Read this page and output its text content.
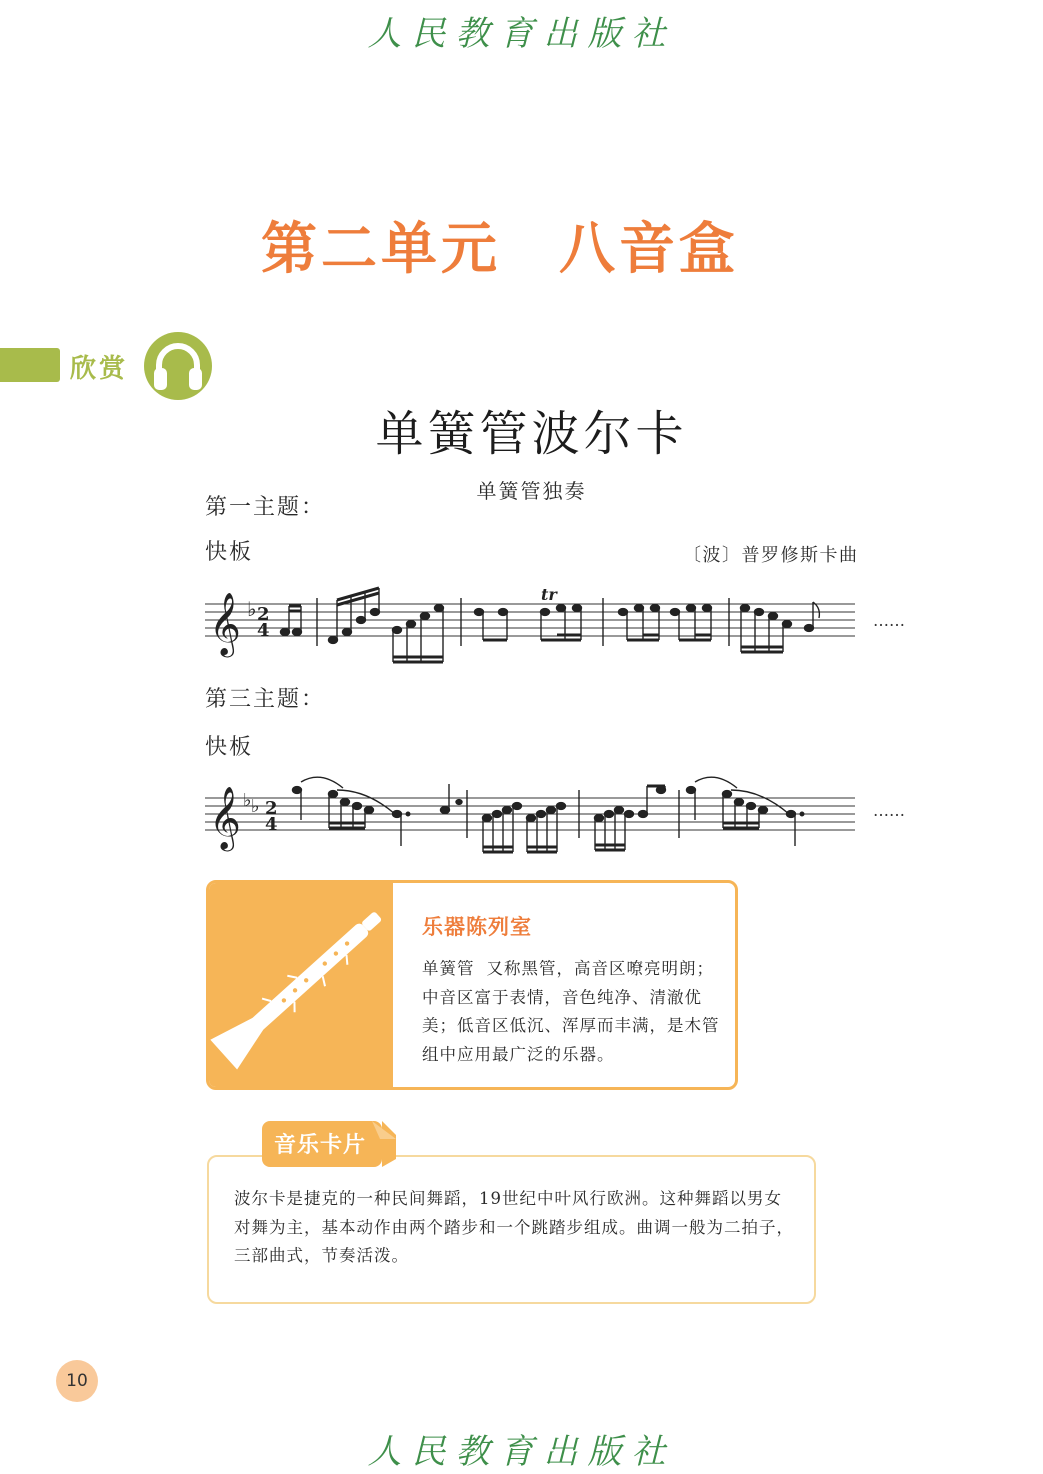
人民教育出版社
第二单元 八音盒
欣赏
单簧管波尔卡
单簧管独奏
第一主题：
快板	〔波〕普罗修斯卡曲
𝄞 ♭ 2
4
tr
……
第三主题：
快板
𝄞 ♭ ♭ 2
4
……
乐器陈列室
单簧管 又称黑管，高音区嘹亮明朗；中音区富于表情，音色纯净、清澈优美；低音区低沉、浑厚而丰满，是木管组中应用最广泛的乐器。
音乐卡片
波尔卡是捷克的一种民间舞蹈，19世纪中叶风行欧洲。这种舞蹈以男女对舞为主，基本动作由两个踏步和一个跳踏步组成。曲调一般为二拍子，三部曲式，节奏活泼。
10
人民教育出版社
